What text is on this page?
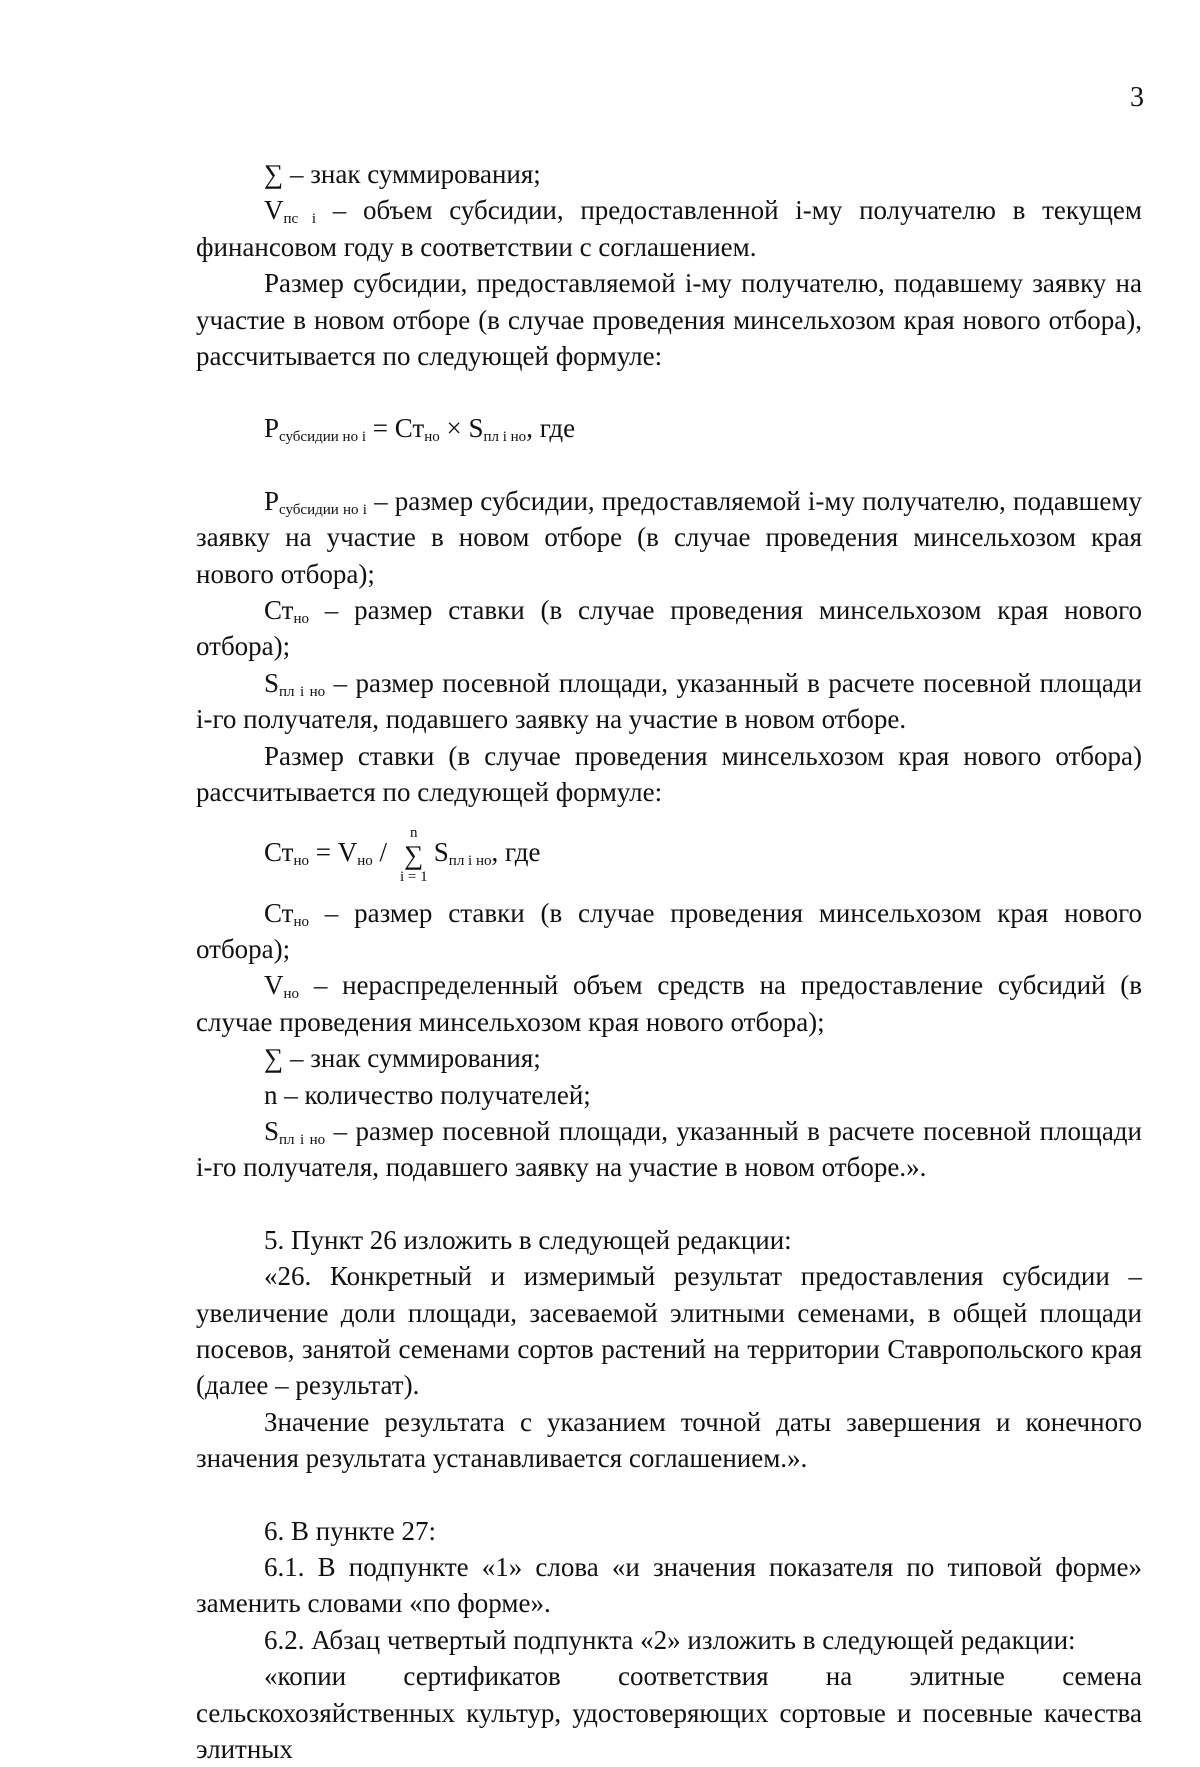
3

∑ – знак суммирования;

$V_{пс i}$ – объем субсидии, предоставленной i-му получателю в текущем финансовом году в соответствии с соглашением.

Размер субсидии, предоставляемой i-му получателю, подавшему заявку на участие в новом отборе (в случае проведения минсельхозом края нового отбора), рассчитывается по следующей формуле:

$P_{субсидии но i} = Ст_{но} \times S_{пл i но}$, где

$P_{субсидии но i}$ – размер субсидии, предоставляемой i-му получателю, подавшему заявку на участие в новом отборе (в случае проведения минсельхозом края нового отбора);

$Ст_{но}$ – размер ставки (в случае проведения минсельхозом края нового отбора);

$S_{пл i но}$ – размер посевной площади, указанный в расчете посевной площади i-го получателя, подавшего заявку на участие в новом отборе.

Размер ставки (в случае проведения минсельхозом края нового отбора) рассчитывается по следующей формуле:

$Ст_{но} = V_{но}$ /
n
∑
i = 1
$S_{пл i но}$, где

$Ст_{но}$ – размер ставки (в случае проведения минсельхозом края нового отбора);

$V_{но}$ – нераспределенный объем средств на предоставление субсидий (в случае проведения минсельхозом края нового отбора);

∑ – знак суммирования;

n – количество получателей;

$S_{пл i но}$ – размер посевной площади, указанный в расчете посевной площади i-го получателя, подавшего заявку на участие в новом отборе.».

5. Пункт 26 изложить в следующей редакции:

«26. Конкретный и измеримый результат предоставления субсидии – увеличение доли площади, засеваемой элитными семенами, в общей площади посевов, занятой семенами сортов растений на территории Ставропольского края (далее – результат).

Значение результата с указанием точной даты завершения и конечного значения результата устанавливается соглашением.».

6. В пункте 27:

6.1. В подпункте «1» слова «и значения показателя по типовой форме» заменить словами «по форме».

6.2. Абзац четвертый подпункта «2» изложить в следующей редакции:

«копии сертификатов соответствия на элитные семена сельскохозяйственных культур, удостоверяющих сортовые и посевные качества элитных
